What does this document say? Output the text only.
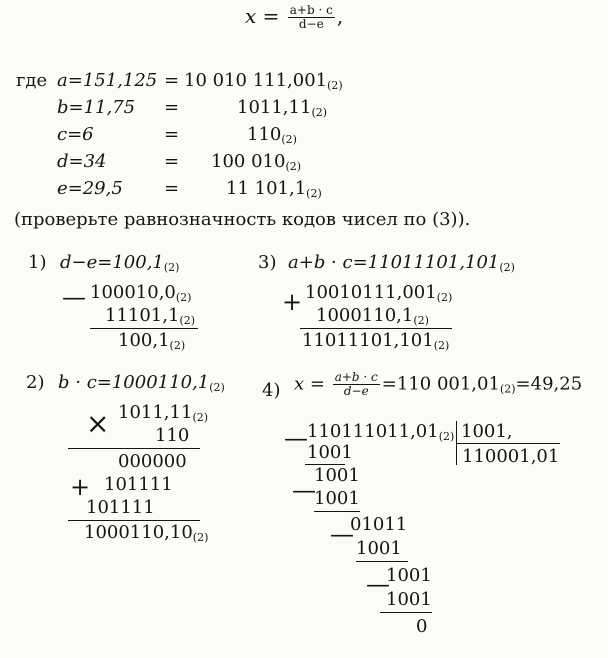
$x = \frac{a+b \cdot c}{d-e}$ ,
где a=151,125 = 10 010 $111,001_{(2)}$
b=11,75 =	$1011,11_{(2)}$
c=6	=	$110_{(2)}$
d=34	= 100 $010_{(2)}$
e=29,5 =	11 $101,1_{(2)}$
(проверьте равнозначность кодов чисел по (3)).
1) $d-e=100,1_{(2)}$
— $100010,0_{(2)}$
$11101,1_{(2)}$
$100,1_{(2)}$
3) $a+b \cdot c=11011101,101_{(2)}$
+ $10010111,001_{(2)}$
$1000110,1_{(2)}$
$11011101,101_{(2)}$
2) $b \cdot c=1000110,1_{(2)}$
× $1011,11_{(2)}$
110
000000
+ 101111
101111
$1000110,10_{(2)}$
4) $x = \frac{a+b \cdot c}{d-e} =110$ $001,01_{(2)}=49,25$
— $110111011,01_{(2)}$ 1001,
110001,01
1001
1001
—
1001
—
01011
1001
—
1001
1001
0
